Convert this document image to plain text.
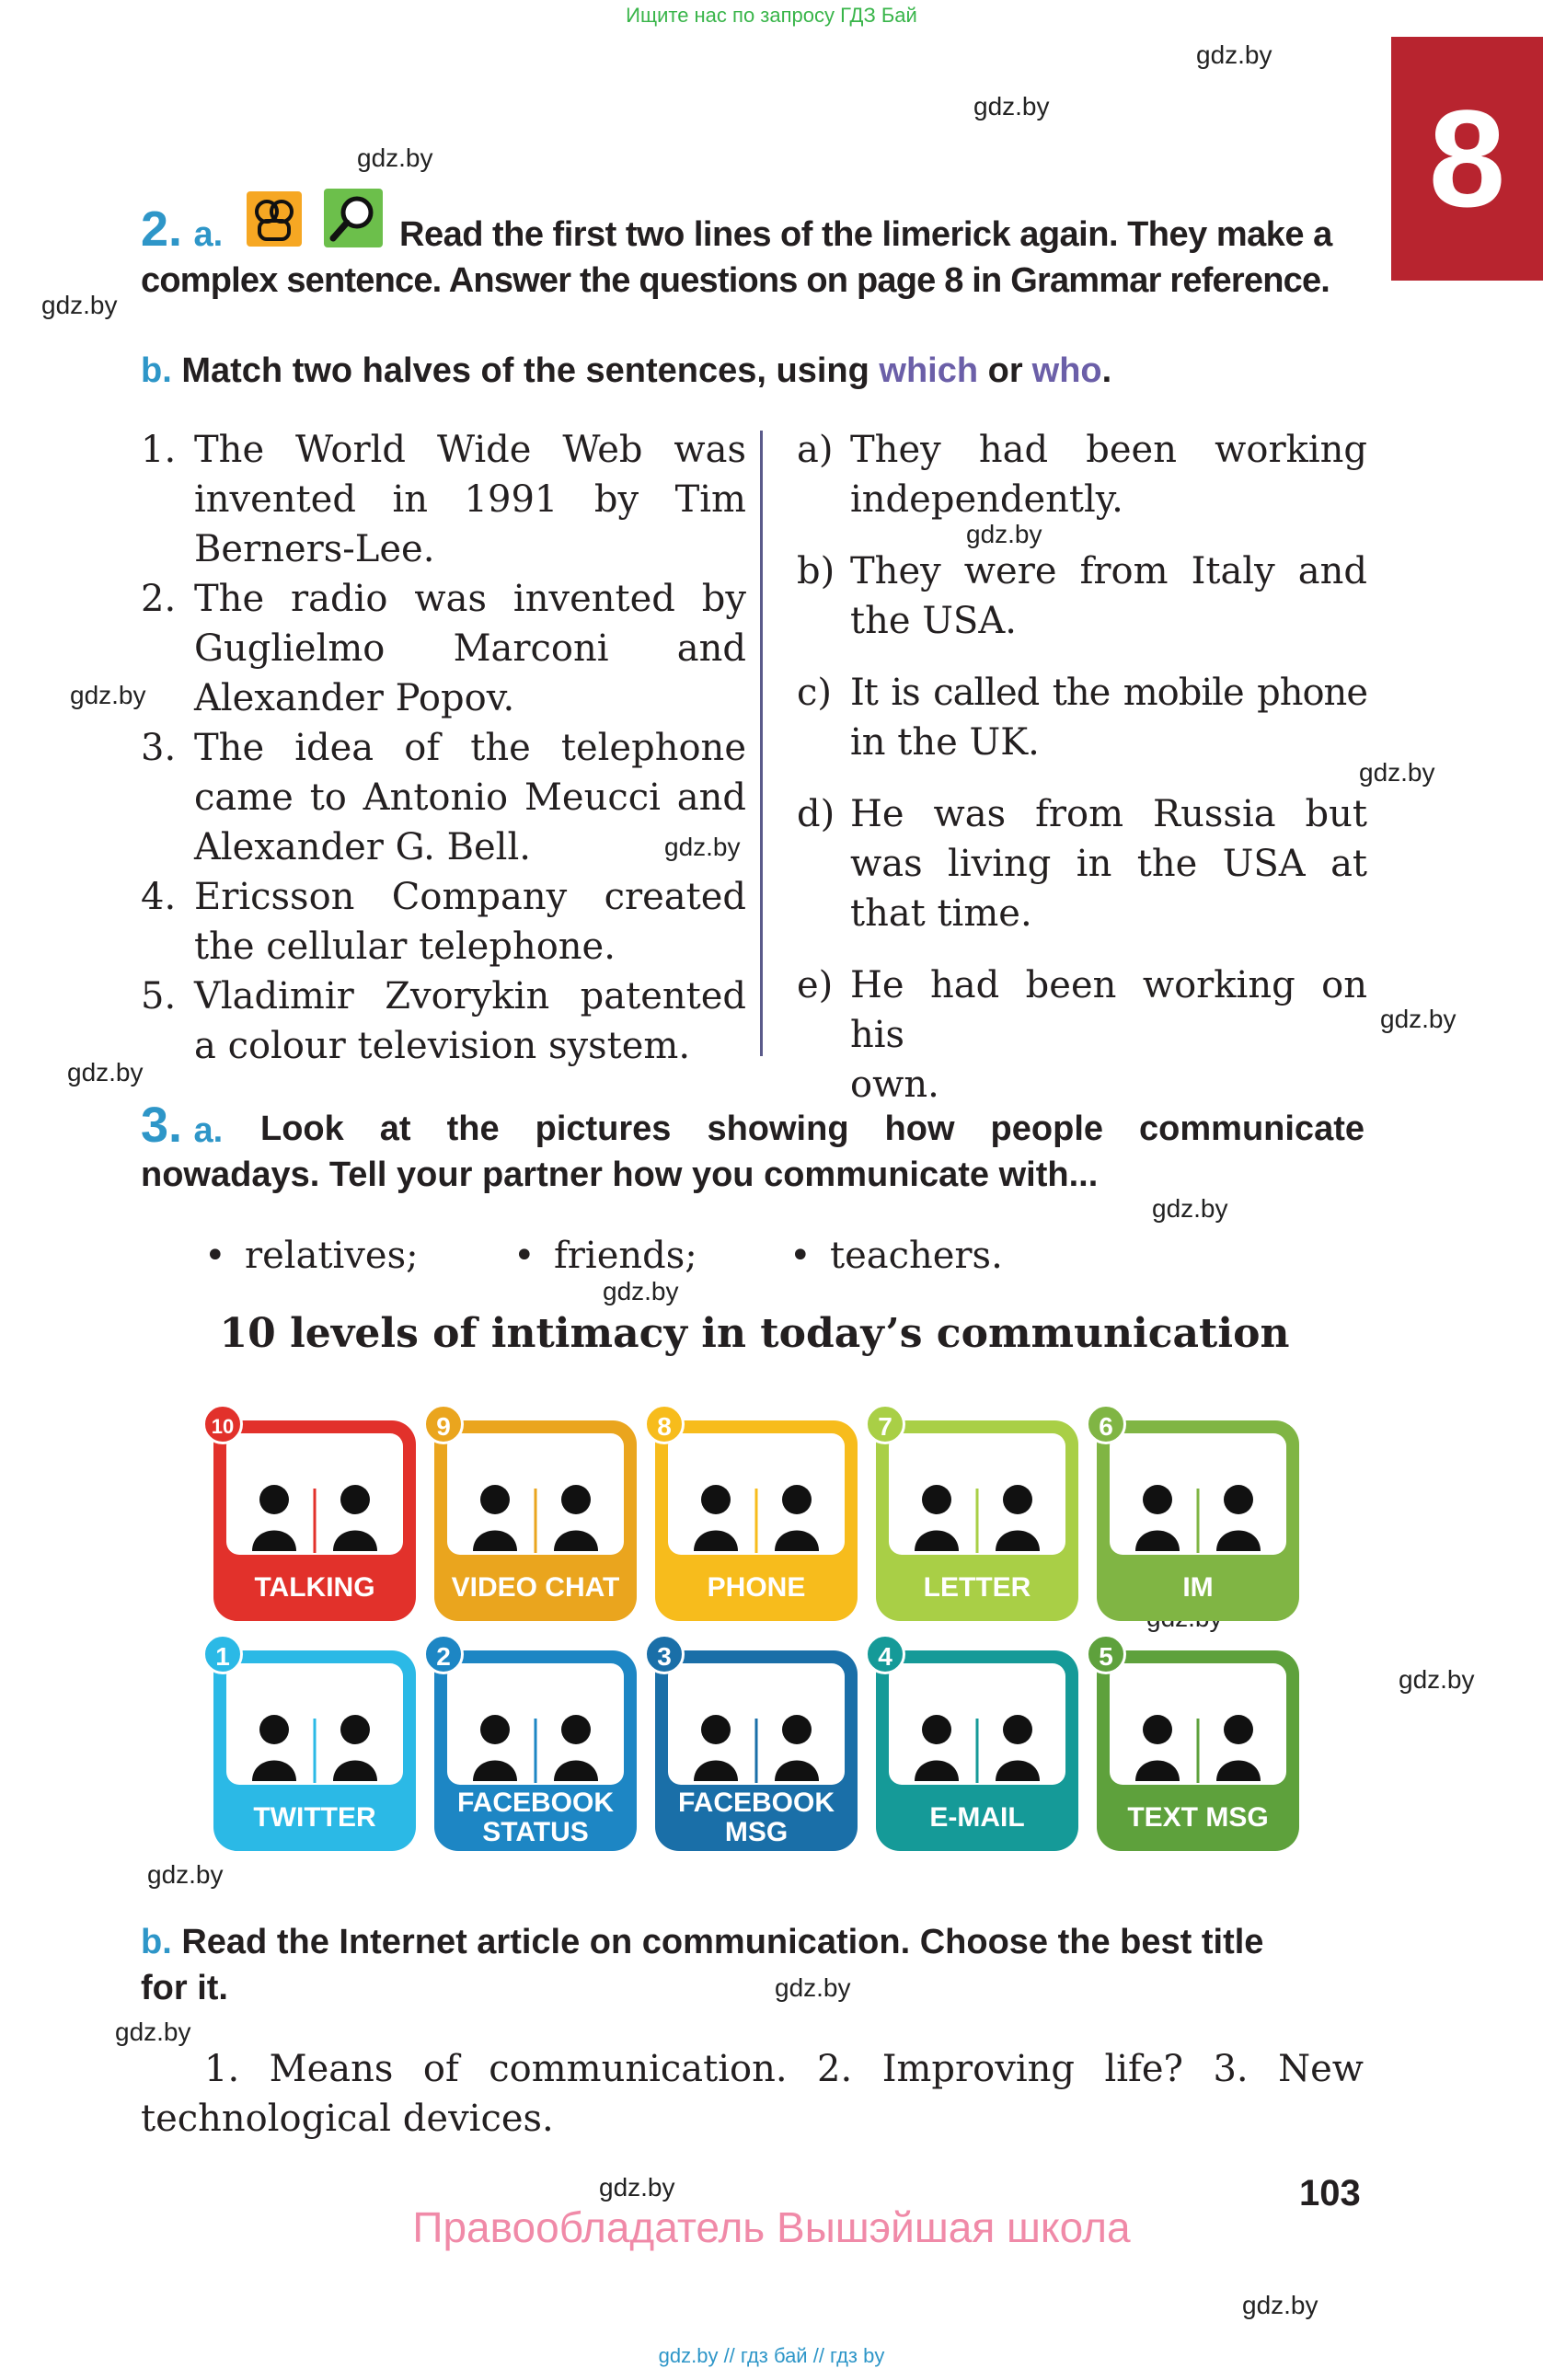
Ищите нас по запросу ГДЗ Бай
8
gdz.by
gdz.by
gdz.by
gdz.by
gdz.by
gdz.by
gdz.by
gdz.by
gdz.by
gdz.by
gdz.by
gdz.by
gdz.by
gdz.by
gdz.by
gdz.by
gdz.by
gdz.by
2. a.	Read the first two lines of the limerick again. They make a
complex sentence. Answer the questions on page 8 in Grammar reference.
b. Match two halves of the sentences, using which or who.
1. The World Wide Web was
invented in 1991 by Tim
Berners-Lee.
2. The radio was invented by
Guglielmo Marconi and
Alexander Popov.
3. The idea of the telephone
came to Antonio Meucci and
Alexander G. Bell.
4. Ericsson Company created
the cellular telephone.
5. Vladimir Zvorykin patented
a colour television system.
a) They had been working
independently.
b) They were from Italy and
the USA.
c) It is called the mobile phone
in the UK.
d) He was from Russia but
was living in the USA at
that time.
e) He had been working on his
own.
3. a. Look at the pictures showing how people communicate
nowadays. Tell your partner how you communicate with...
• relatives;	• friends;	• teachers.
10 levels of intimacy in today’s communication
TALKING
10
VIDEO CHAT
9
PHONE
8
LETTER
7
IM
6
TWITTER
1
FACEBOOK STATUS
2
FACEBOOK MSG
3
E-MAIL
4
TEXT MSG
5
b. Read the Internet article on communication. Choose the best title
for it.
1. Means of communication. 2. Improving life? 3. New
technological devices.
103
Правообладатель Вышэйшая школа
gdz.by // гдз бай // гдз by
